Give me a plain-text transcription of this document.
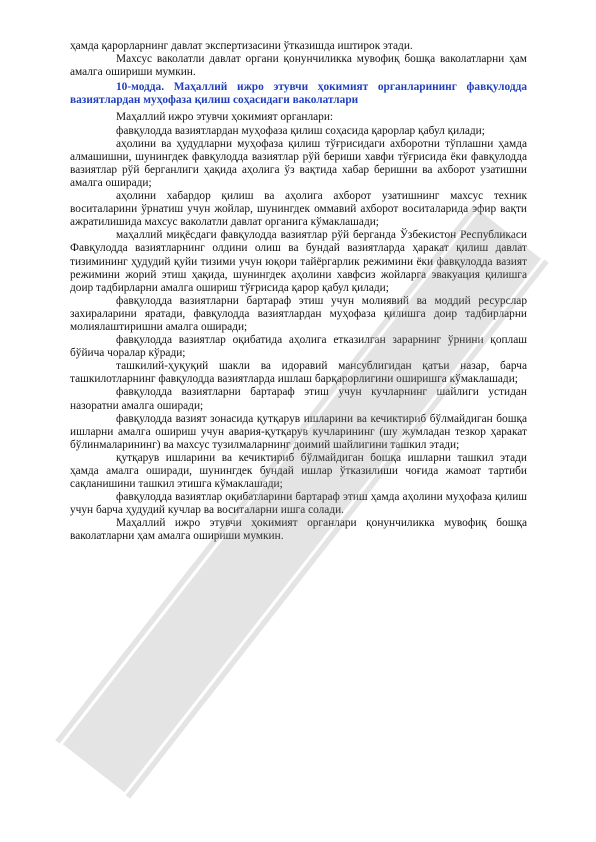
ҳамда қарорларнинг давлат экспертизасини ўтказишда иштирок этади.

Махсус ваколатли давлат органи қонунчиликка мувофиқ бошқа ваколатларни ҳам амалга ошириши мумкин.

10-модда. Маҳаллий ижро этувчи ҳокимият органларининг фавқулодда вазиятлардан муҳофаза қилиш соҳасидаги ваколатлари

Маҳаллий ижро этувчи ҳокимият органлари:

фавқулодда вазиятлардан муҳофаза қилиш соҳасида қарорлар қабул қилади;

аҳолини ва ҳудудларни муҳофаза қилиш тўғрисидаги ахборотни тўплашни ҳамда алмашишни, шунингдек фавқулодда вазиятлар рўй бериши хавфи тўғрисида ёки фавқулодда вазиятлар рўй берганлиги ҳақида аҳолига ўз вақтида хабар беришни ва ахборот узатишни амалга оширади;

аҳолини хабардор қилиш ва аҳолига ахборот узатишнинг махсус техник воситаларини ўрнатиш учун жойлар, шунингдек оммавий ахборот воситаларида эфир вақти ажратилишида махсус ваколатли давлат органига кўмаклашади;

маҳаллий миқёсдаги фавқулодда вазиятлар рўй берганда Ўзбекистон Республикаси Фавқулодда вазиятларнинг олдини олиш ва бундай вазиятларда ҳаракат қилиш давлат тизимининг ҳудудий қуйи тизими учун юқори тайёргарлик режимини ёки фавқулодда вазият режимини жорий этиш ҳақида, шунингдек аҳолини хавфсиз жойларга эвакуация қилишга доир тадбирларни амалга ошириш тўғрисида қарор қабул қилади;

фавқулодда вазиятларни бартараф этиш учун молиявий ва моддий ресурслар захираларини яратади, фавқулодда вазиятлардан муҳофаза қилишга доир тадбирларни молиялаштиришни амалга оширади;

фавқулодда вазиятлар оқибатида аҳолига етказилган зарарнинг ўрнини қоплаш бўйича чоралар кўради;

ташкилий-ҳуқуқий шакли ва идоравий мансублигидан қатъи назар, барча ташкилотларнинг фавқулодда вазиятларда ишлаш барқарорлигини оширишга кўмаклашади;

фавқулодда вазиятларни бартараф этиш учун кучларнинг шайлиги устидан назоратни амалга оширади;

фавқулодда вазият зонасида қутқарув ишларини ва кечиктириб бўлмайдиган бошқа ишларни амалга ошириш учун авария-қутқарув кучларининг (шу жумладан тезкор ҳаракат бўлинмаларининг) ва махсус тузилмаларнинг доимий шайлигини ташкил этади;

қутқарув ишларини ва кечиктириб бўлмайдиган бошқа ишларни ташкил этади ҳамда амалга оширади, шунингдек бундай ишлар ўтказилиши чоғида жамоат тартиби сақланишини ташкил этишга кўмаклашади;

фавқулодда вазиятлар оқибатларини бартараф этиш ҳамда аҳолини муҳофаза қилиш учун барча ҳудудий кучлар ва воситаларни ишга солади.

Маҳаллий ижро этувчи ҳокимият органлари қонунчиликка мувофиқ бошқа ваколатларни ҳам амалга ошириши мумкин.
